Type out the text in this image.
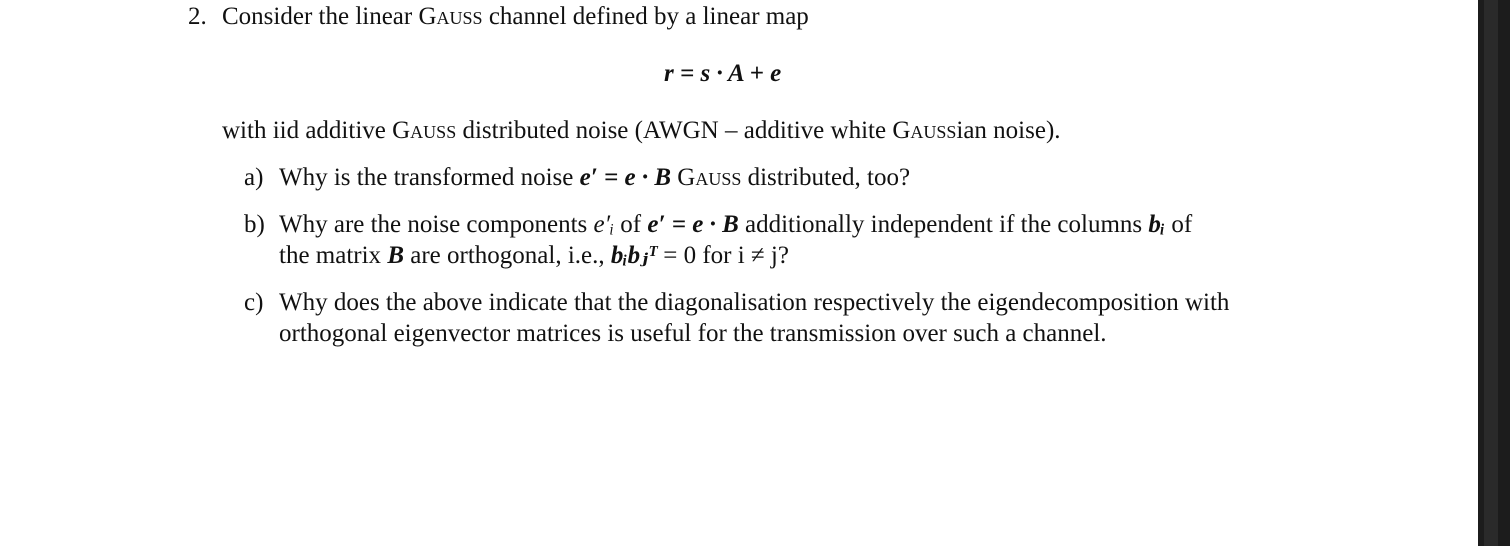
2. Consider the linear Gauss channel defined by a linear map
r = s · A + e
with iid additive Gauss distributed noise (AWGN – additive white Gaussian noise).
a) Why is the transformed noise e′ = e · B Gauss distributed, too?
b) Why are the noise components e′ᵢ of e′ = e · B additionally independent if the columns bᵢ of
the matrix B are orthogonal, i.e., bᵢbⱼᵀ = 0 for i ≠ j?
c) Why does the above indicate that the diagonalisation respectively the eigendecomposition with
orthogonal eigenvector matrices is useful for the transmission over such a channel.
